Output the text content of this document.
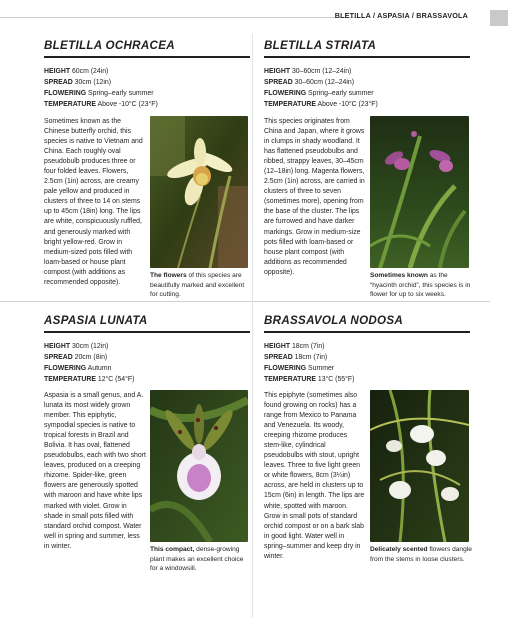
BLETILLA / ASPASIA / BRASSAVOLA
BLETILLA OCHRACEA
HEIGHT 60cm (24in)
SPREAD 30cm (12in)
FLOWERING Spring–early summer
TEMPERATURE Above -10°C (23°F)
Sometimes known as the Chinese butterfly orchid, this species is native to Vietnam and China. Each roughly oval pseudobulb produces three or four folded leaves. Flowers, 2.5cm (1in) across, are creamy pale yellow and produced in clusters of three to 14 on stems up to 45cm (18in) long. The lips are white, conspicuously ruffled, and generously marked with bright yellow-red. Grow in medium-sized pots filled with loam-based or house plant compost (with additions as recommended opposite).
The flowers of this species are beautifully marked and excellent for cutting.
BLETILLA STRIATA
HEIGHT 30–60cm (12–24in)
SPREAD 30–60cm (12–24in)
FLOWERING Spring–early summer
TEMPERATURE Above -10°C (23°F)
This species originates from China and Japan, where it grows in clumps in shady woodland. It has flattened pseudobulbs and ribbed, strappy leaves, 30–45cm (12–18in) long. Magenta flowers, 2.5cm (1in) across, are carried in clusters of three to seven (sometimes more), opening from the base of the cluster. The lips are furrowed and have darker markings. Grow in medium-size pots filled with loam-based or house plant compost (with additions as recommended opposite).	Sometimes known as the “hyacinth orchid”, this species is in flower for up to six weeks.
ASPASIA LUNATA
HEIGHT 30cm (12in)
SPREAD 20cm (8in)
FLOWERING Autumn
TEMPERATURE 12°C (54°F)
Aspasia is a small genus, and A. lunata its most widely grown member. This epiphytic, sympodial species is native to tropical forests in Brazil and Bolivia. It has oval, flattened pseudobulbs, each with two short leaves, produced on a creeping rhizome. Spider-like, green flowers are generously spotted with maroon and have white lips marked with violet. Grow in shade in small pots filled with standard orchid compost. Water well in spring and summer, less in winter.	This compact, dense-growing plant makes an excellent choice for a windowsill.
BRASSAVOLA NODOSA
HEIGHT 18cm (7in)
SPREAD 18cm (7in)
FLOWERING Summer
TEMPERATURE 13°C (55°F)
This epiphyte (sometimes also found growing on rocks) has a range from Mexico to Panama and Venezuela. Its woody, creeping rhizome produces stem-like, cylindrical pseudobulbs with stout, upright leaves. Three to five light green or white flowers, 8cm (3¼in) across, are held in clusters up to 15cm (6in) in length. The lips are white, spotted with maroon. Grow in small pots of standard orchid compost or on a bark slab in good light. Water well in spring–summer and keep dry in winter.
Delicately scented flowers dangle from the stems in loose clusters.
